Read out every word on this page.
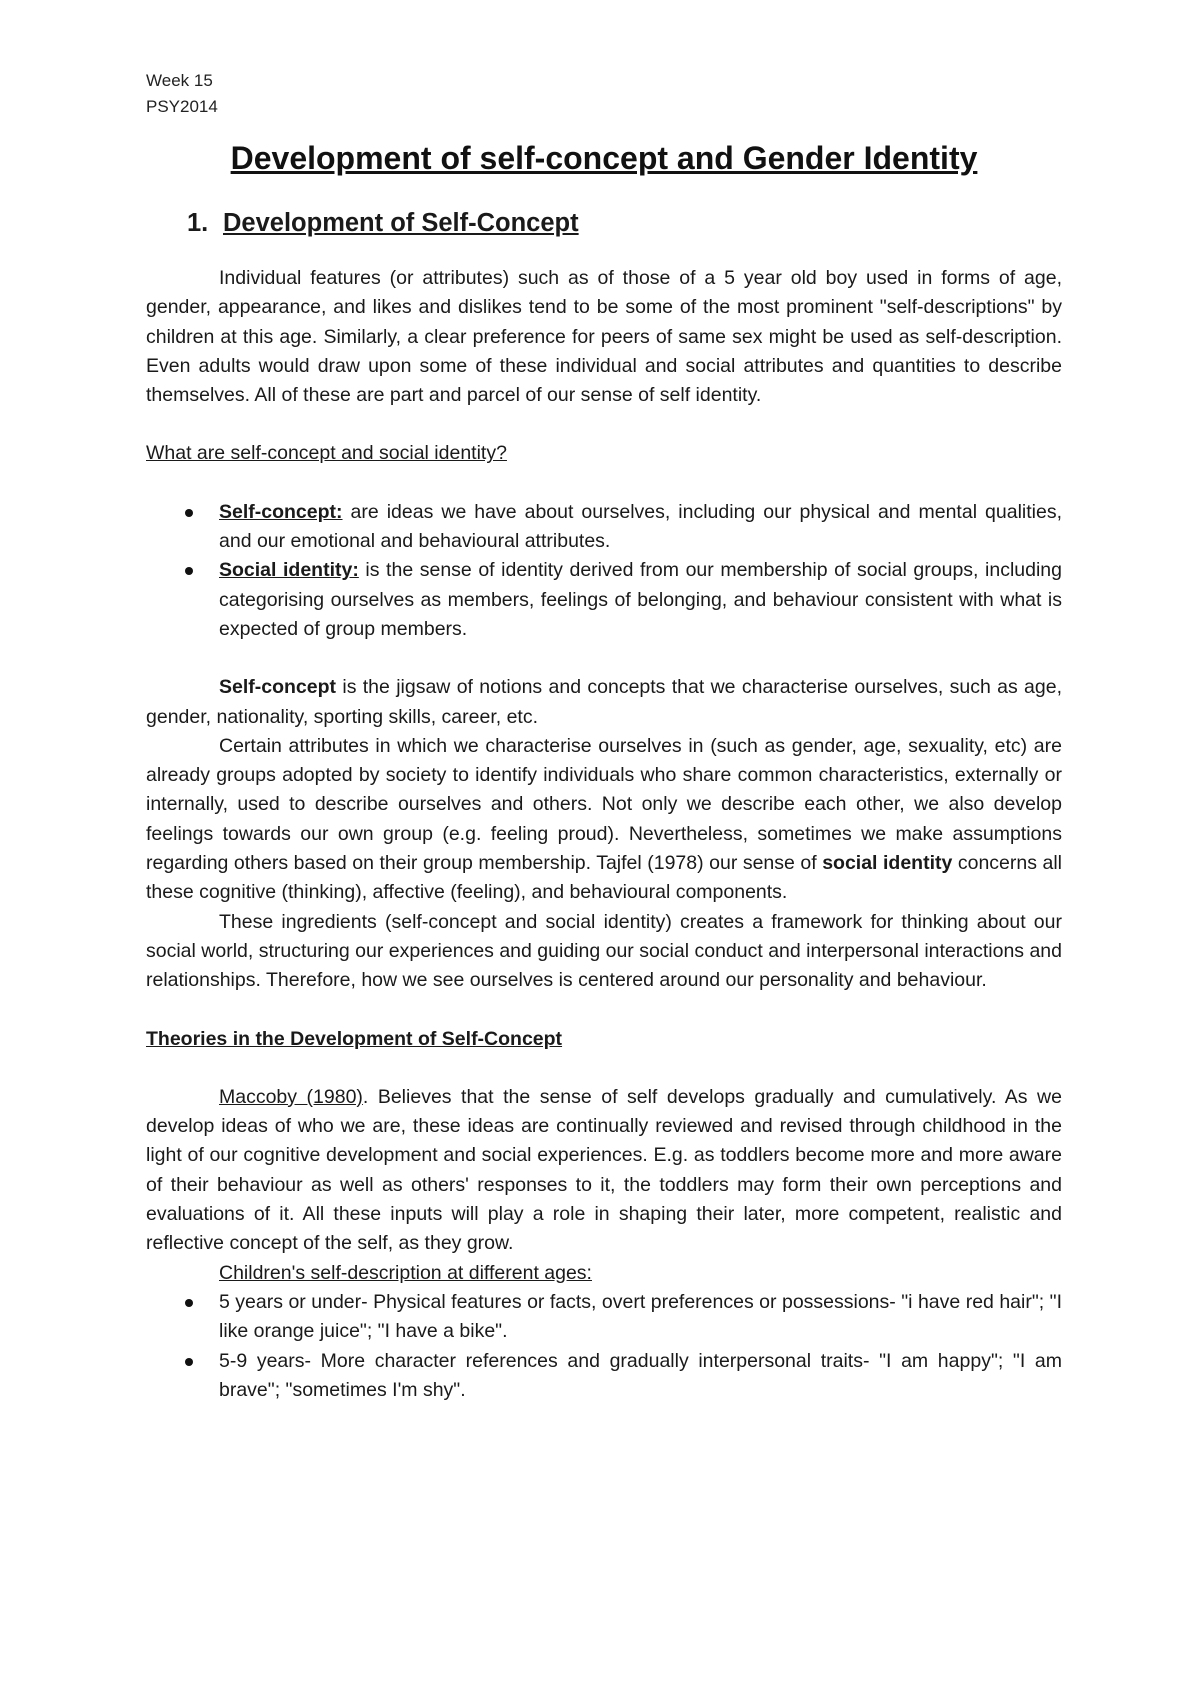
Week 15
PSY2014
Development of self-concept and Gender Identity
1. Development of Self-Concept

Individual features (or attributes) such as of those of a 5 year old boy used in forms of age, gender, appearance, and likes and dislikes tend to be some of the most prominent "self-descriptions" by children at this age. Similarly, a clear preference for peers of same sex might be used as self-description. Even adults would draw upon some of these individual and social attributes and quantities to describe themselves. All of these are part and parcel of our sense of self identity.

What are self-concept and social identity?

Self-concept: are ideas we have about ourselves, including our physical and mental qualities, and our emotional and behavioural attributes.
Social identity: is the sense of identity derived from our membership of social groups, including categorising ourselves as members, feelings of belonging, and behaviour consistent with what is expected of group members.

Self-concept is the jigsaw of notions and concepts that we characterise ourselves, such as age, gender, nationality, sporting skills, career, etc.

Certain attributes in which we characterise ourselves in (such as gender, age, sexuality, etc) are already groups adopted by society to identify individuals who share common characteristics, externally or internally, used to describe ourselves and others. Not only we describe each other, we also develop feelings towards our own group (e.g. feeling proud). Nevertheless, sometimes we make assumptions regarding others based on their group membership. Tajfel (1978) our sense of social identity concerns all these cognitive (thinking), affective (feeling), and behavioural components.

These ingredients (self-concept and social identity) creates a framework for thinking about our social world, structuring our experiences and guiding our social conduct and interpersonal interactions and relationships. Therefore, how we see ourselves is centered around our personality and behaviour.

Theories in the Development of Self-Concept

Maccoby (1980). Believes that the sense of self develops gradually and cumulatively. As we develop ideas of who we are, these ideas are continually reviewed and revised through childhood in the light of our cognitive development and social experiences. E.g. as toddlers become more and more aware of their behaviour as well as others' responses to it, the toddlers may form their own perceptions and evaluations of it. All these inputs will play a role in shaping their later, more competent, realistic and reflective concept of the self, as they grow.

Children's self-description at different ages:

5 years or under- Physical features or facts, overt preferences or possessions- "i have red hair"; "I like orange juice"; "I have a bike".
5-9 years- More character references and gradually interpersonal traits- "I am happy"; "I am brave"; "sometimes I'm shy".
